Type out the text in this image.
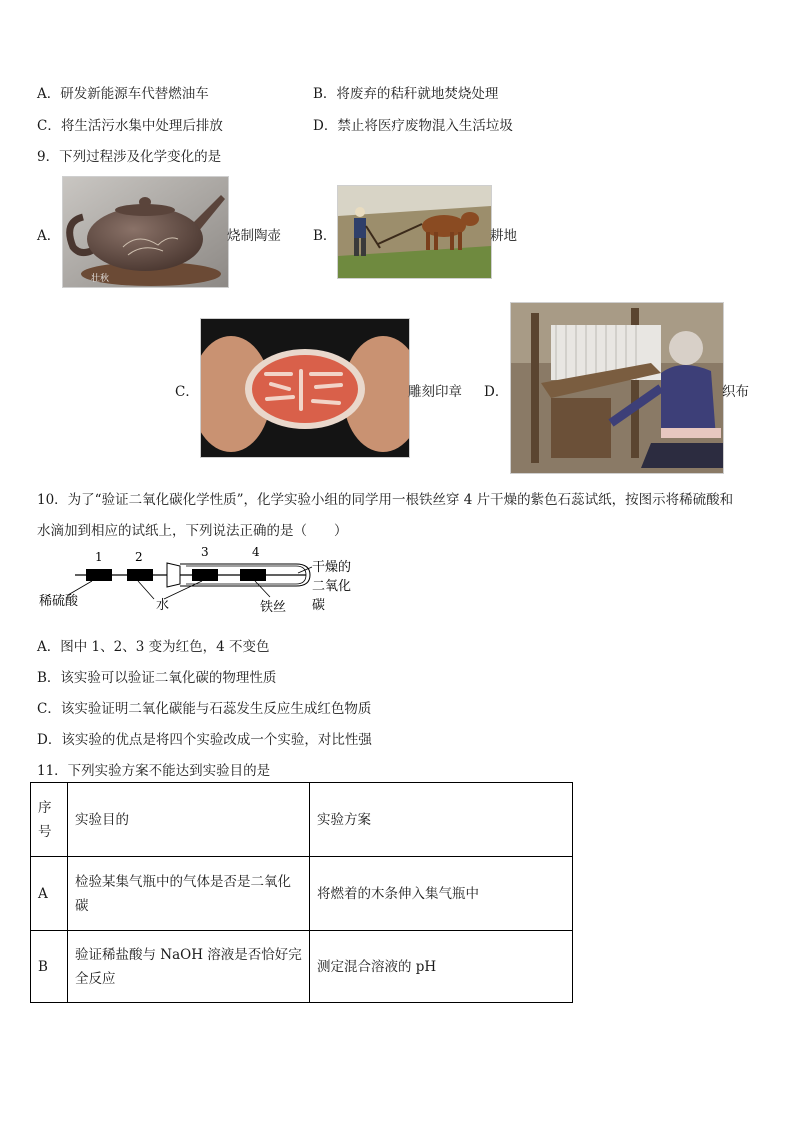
A．研发新能源车代替燃油车	B．将废弃的秸秆就地焚烧处理
C．将生活污水集中处理后排放	D．禁止将医疗废物混入生活垃圾
9．下列过程涉及化学变化的是
A．
壮秋
烧制陶壶 B．	耕地
C．	雕刻印章 D．	织布
10．为了“验证二氧化碳化学性质”，化学实验小组的同学用一根铁丝穿 4 片干燥的紫色石蕊试纸，按图示将稀硫酸和
水滴加到相应的试纸上，下列说法正确的是（　　）
1	2	3	4
稀硫酸	水	铁丝
干燥的
二氧化
碳
A．图中 1、2、3 变为红色，4 不变色
B．该实验可以验证二氧化碳的物理性质
C．该实验证明二氧化碳能与石蕊发生反应生成红色物质
D．该实验的优点是将四个实验改成一个实验，对比性强
11．下列实验方案不能达到实验目的是
序
号	实验目的	实验方案
A	检验某集气瓶中的气体是否是二氧化
碳	将燃着的木条伸入集气瓶中
B	验证稀盐酸与 NaOH 溶液是否恰好完
全反应	测定混合溶液的 pH
